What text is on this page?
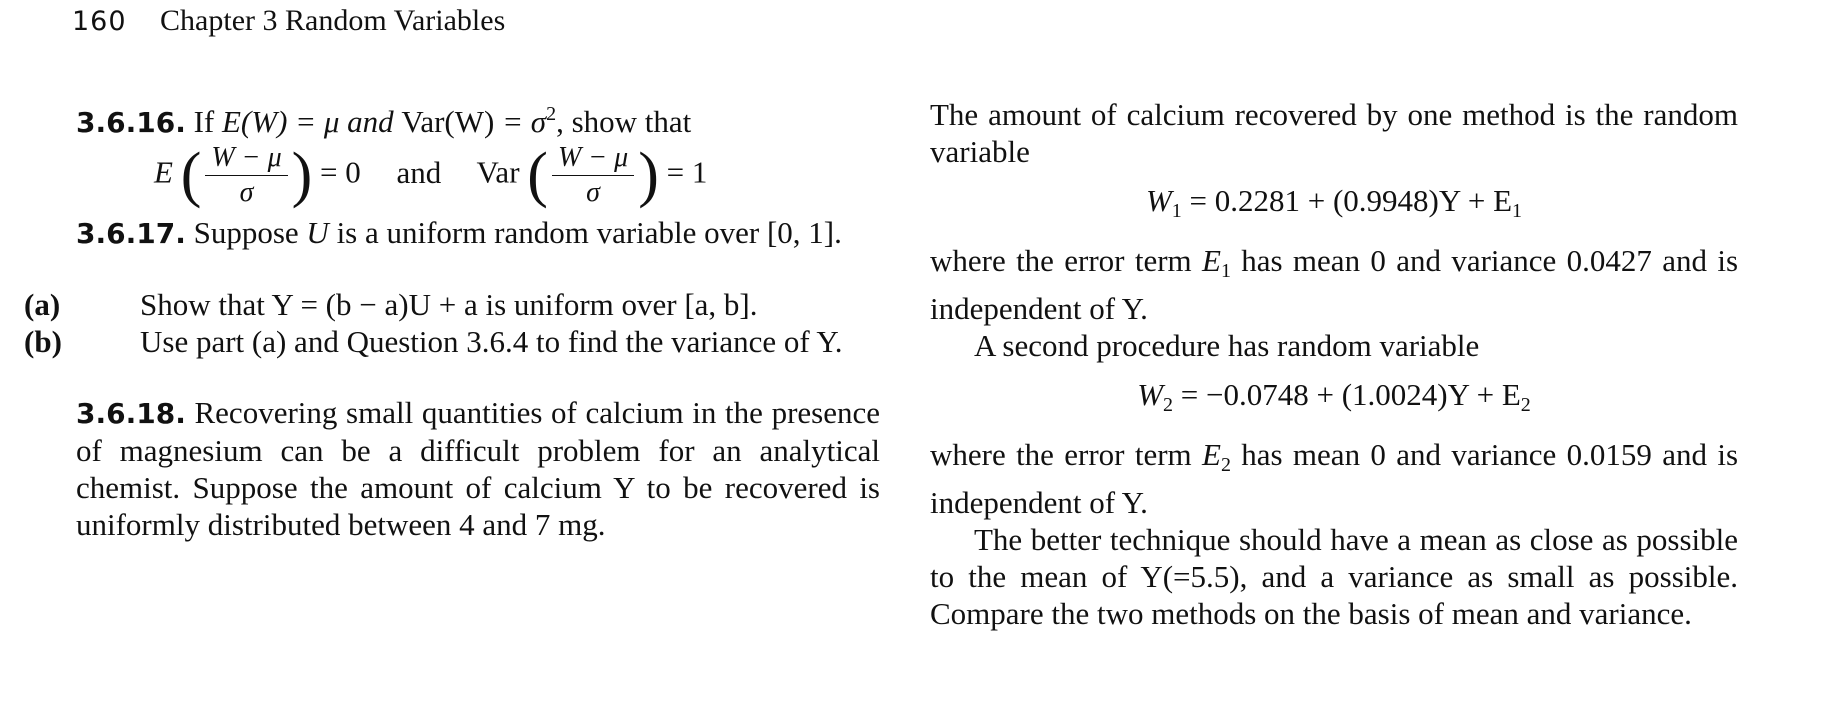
160 Chapter 3 Random Variables

3.6.16. If E(W) = μ and $Var(W) = \sigma^2$, show that

E ( $\frac{W - \mu}{\sigma}$ ) = 0 and Var ( $\frac{W - \mu}{\sigma}$ ) = 1

3.6.17. Suppose U is a uniform random variable over [0, 1].

(a)	Show that Y = (b − a)U + a is uniform over [a, b].

(b)	Use part (a) and Question 3.6.4 to find the variance of Y.

3.6.18. Recovering small quantities of calcium in the presence of magnesium can be a difficult problem for an analytical chemist. Suppose the amount of calcium Y to be recovered is uniformly distributed between 4 and 7 mg.

The amount of calcium recovered by one method is the random variable

$W_1 = 0.2281 + (0.9948)Y + E_1$

where the error term $E_1$ has mean 0 and variance 0.0427 and is independent of Y.

A second procedure has random variable

$W_2 = -0.0748 + (1.0024)Y + E_2$

where the error term $E_2$ has mean 0 and variance 0.0159 and is independent of Y.

The better technique should have a mean as close as possible to the mean of Y(=5.5), and a variance as small as possible. Compare the two methods on the basis of mean and variance.
